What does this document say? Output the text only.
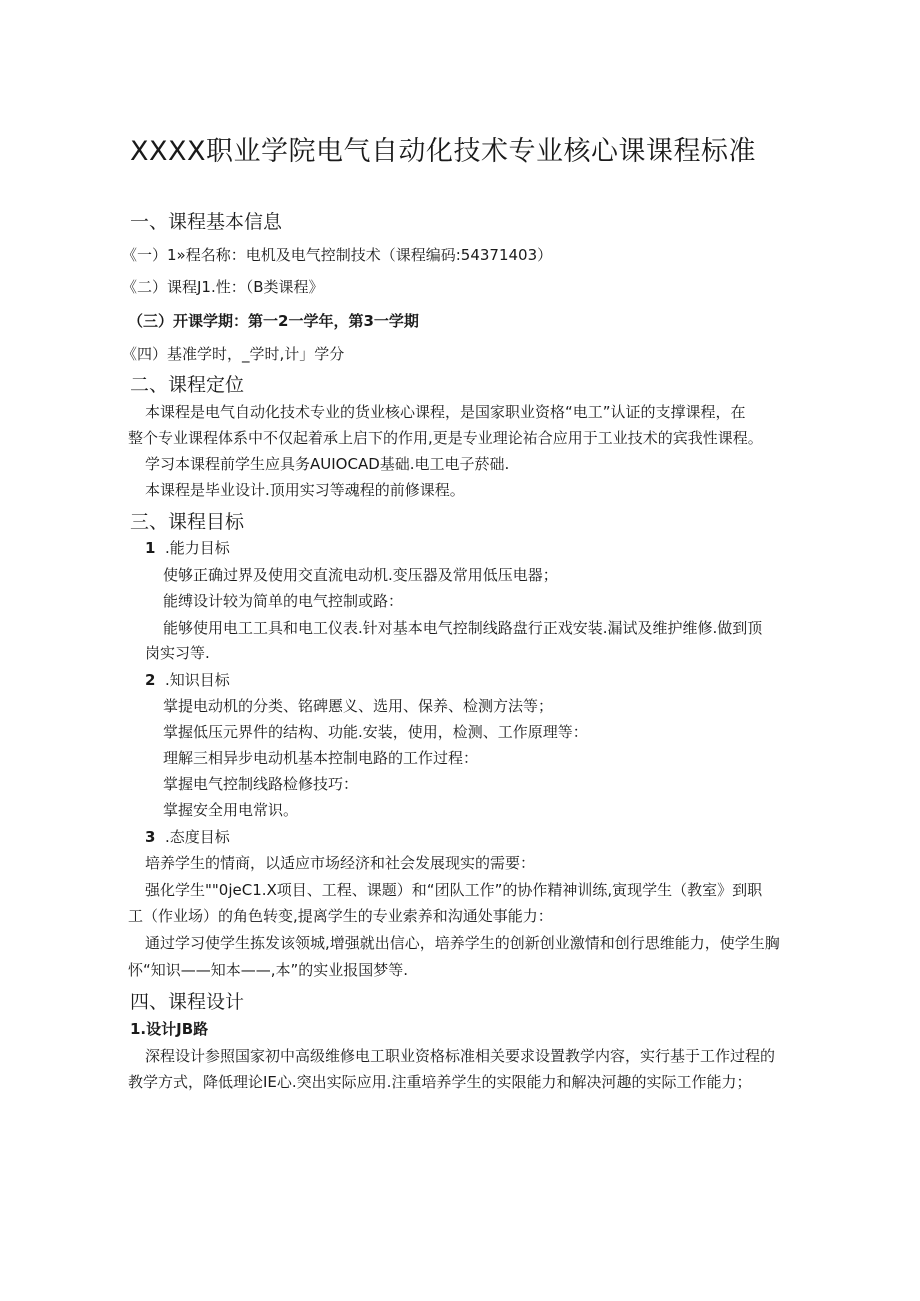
XXXX职业学院电气自动化技术专业核心课课程标准
一、课程基本信息
《一）1»程名称：电机及电气控制技术（课程编码:54371403）
《二）课程J1.性：（B类课程》
（三）开课学期：第一2一学年，第3一学期
《四）基准学时，_学时,计」学分
二、课程定位
本课程是电气自动化技术专业的货业核心课程，是国家职业资格“电工”认证的支撑课程，在
整个专业课程体系中不仅起着承上启下的作用,更是专业理论祐合应用于工业技术的宾我性课程。
学习本课程前学生应具务AUIOCAD基础.电工电子菸础.
本课程是毕业设计.顶用实习等魂程的前修课程。
三、课程目标
1 .能力目标
使够正确过界及使用交直流电动机.变压器及常用低压电器；
能缚设计较为简单的电气控制或路：
能够使用电工工具和电工仪表.针对基本电气控制线路盘行正戏安装.漏试及维护维修.做到顶
岗实习等.
2 .知识目标
掌提电动机的分类、铭碑慝义、选用、保养、检测方法等；
掌握低压元界件的结构、功能.安装，使用，检测、工作原理等：
理解三相异步电动机基本控制电路的工作过程：
掌握电气控制线路检修技巧：
掌握安全用电常识。
3 .态度目标
培养学生的情商，以适应市场经济和社会发展现实的需要：
强化学生""0jeC1.X项目、工程、课题）和“团队工作”的协作精神训练,寅现学生（教室》到职
工（作业场）的角色转变,提离学生的专业索养和沟通处事能力：
通过学习使学生拣发该领城,增强就出信心，培养学生的创新创业激情和创行思维能力，使学生胸
怀“知识——知本——,本”的实业报国梦等.
四、课程设计
1.设计JB路
深程设计参照国家初中高级维修电工职业资格标准相关要求设置教学内容，实行基于工作过程的
教学方式，降低理论IE心.突出实际应用.注重培养学生的实限能力和解决河趣的实际工作能力；
